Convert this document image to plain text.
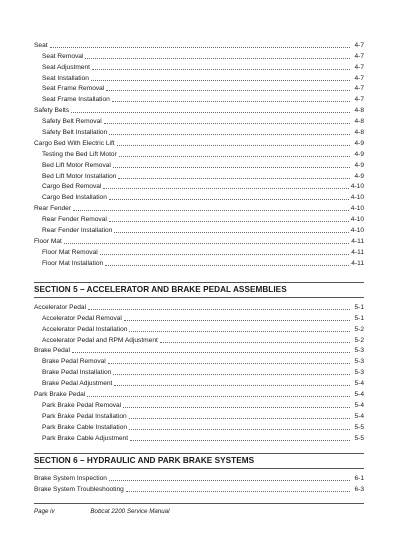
Seat	4-7
Seat Removal	4-7
Seat Adjustment	4-7
Seat Installation	4-7
Seat Frame Removal	4-7
Seat Frame Installation	4-7
Safety Belts	4-8
Safety Belt Removal	4-8
Safety Belt Installation	4-8
Cargo Bed With Electric Lift	4-9
Testing the Bed Lift Motor	4-9
Bed Lift Motor Removal	4-9
Bed Lift Motor Installation	4-9
Cargo Bed Removal	4-10
Cargo Bed Installation	4-10
Rear Fender	4-10
Rear Fender Removal	4-10
Rear Fender Installation	4-10
Floor Mat	4-11
Floor Mat Removal	4-11
Floor Mat Installation	4-11
SECTION 5 – ACCELERATOR AND BRAKE PEDAL ASSEMBLIES
Accelerator Pedal	5-1
Accelerator Pedal Removal	5-1
Accelerator Pedal Installation	5-2
Accelerator Pedal and RPM Adjustment	5-2
Brake Pedal	5-3
Brake Pedal Removal	5-3
Brake Pedal Installation	5-3
Brake Pedal Adjustment	5-4
Park Brake Pedal	5-4
Park Brake Pedal Removal	5-4
Park Brake Pedal Installation	5-4
Park Brake Cable Installation	5-5
Park Brake Cable Adjustment	5-5
SECTION 6 – HYDRAULIC AND PARK BRAKE SYSTEMS
Brake System Inspection	6-1
Brake System Troubleshooting	6-3
Page iv	Bobcat 2200 Service Manual
